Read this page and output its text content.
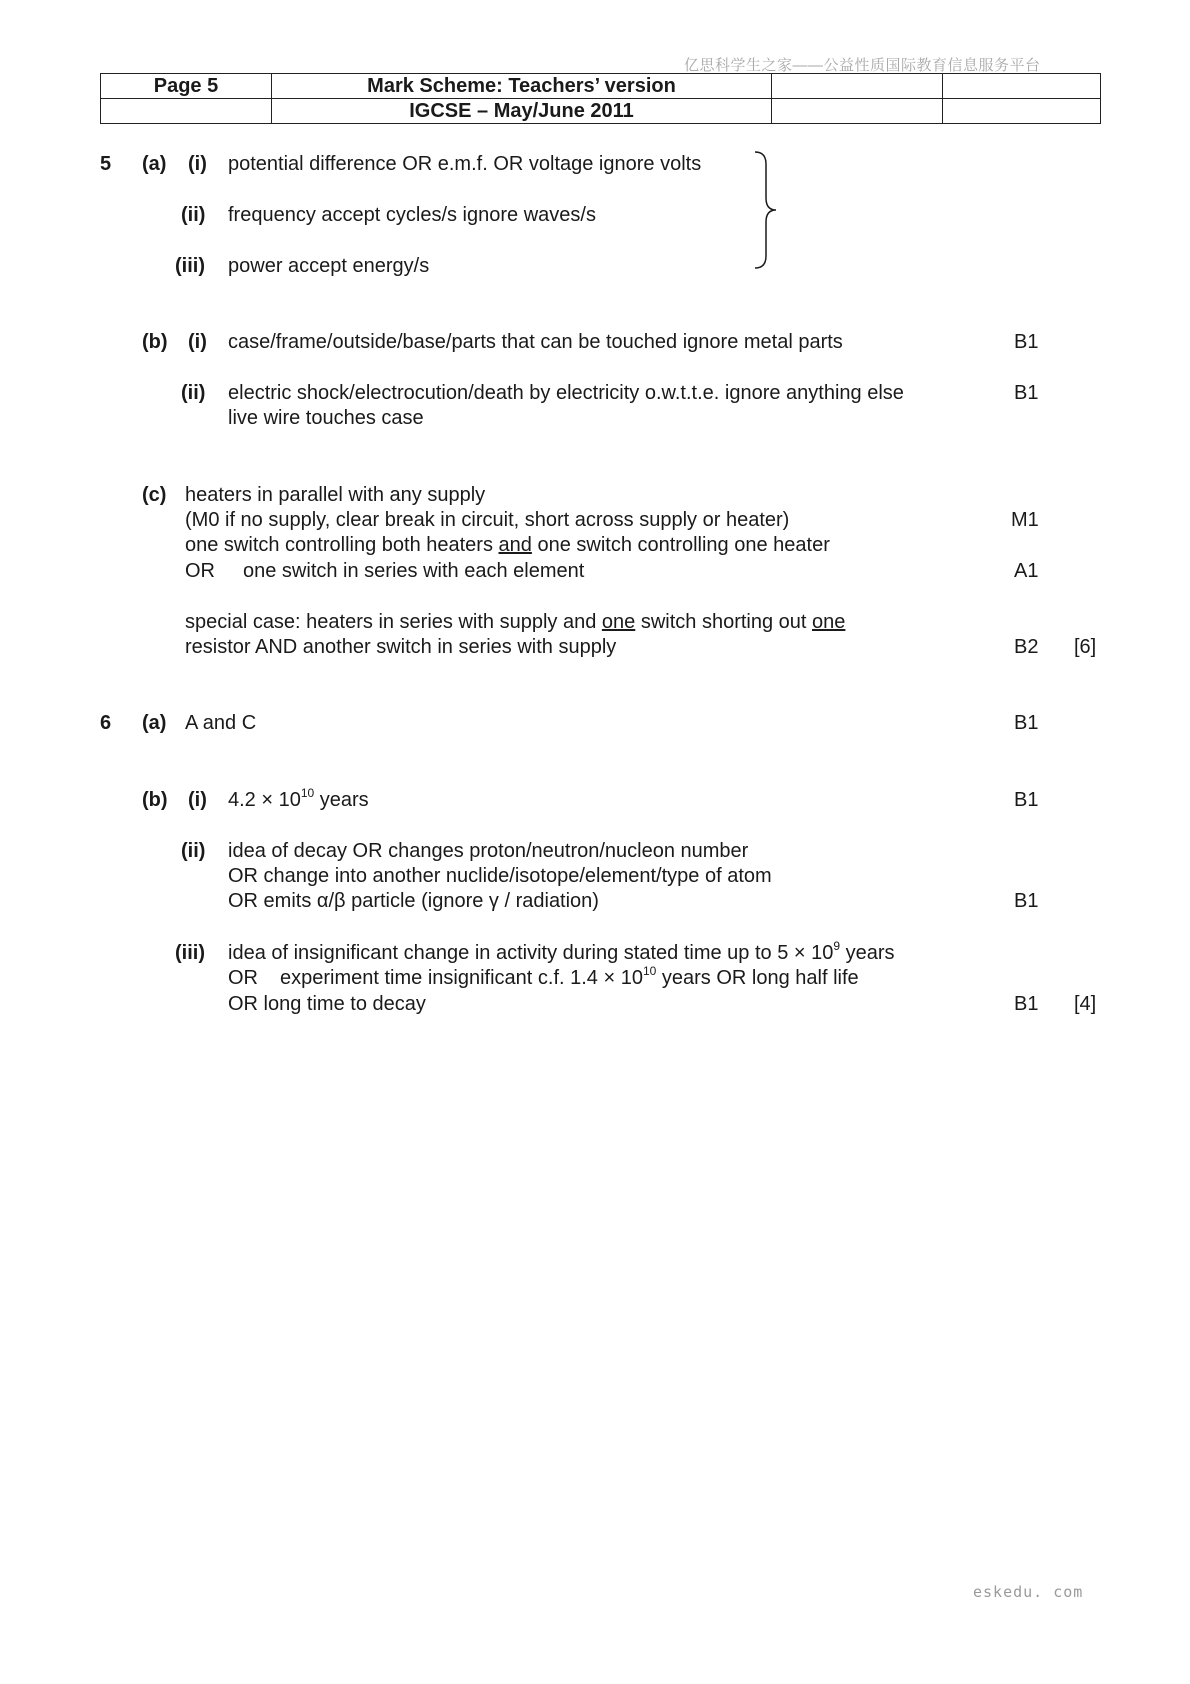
亿思科学生之家——公益性质国际教育信息服务平台
Page 5	Mark Scheme: Teachers’ version		
	IGCSE – May/June 2011		
5 (a) (i) potential difference OR e.m.f. OR voltage ignore volts
(ii) frequency accept cycles/s ignore waves/s
(iii) power accept energy/s
(b) (i) case/frame/outside/base/parts that can be touched ignore metal parts	B1
(ii) electric shock/electrocution/death by electricity o.w.t.t.e. ignore anything else
live wire touches case
B1
(c) heaters in parallel with any supply
(M0 if no supply, clear break in circuit, short across supply or heater)	M1
one switch controlling both heaters and one switch controlling one heater
OR one switch in series with each element	A1
special case: heaters in series with supply and one switch shorting out one
resistor AND another switch in series with supply	B2 [6]
6 (a) A and C	B1
(b) (i) $4.2 \times 10^{10}$ years	B1
(ii) idea of decay OR changes proton/neutron/nucleon number
OR change into another nuclide/isotope/element/type of atom
OR emits α/β particle (ignore γ / radiation)	B1
(iii) idea of insignificant change in activity during stated time up to $5 \times 10^9$ years
OR experiment time insignificant c.f. $1.4 \times 10^{10}$ years OR long half life
OR long time to decay	B1 [4]
eskedu. com
